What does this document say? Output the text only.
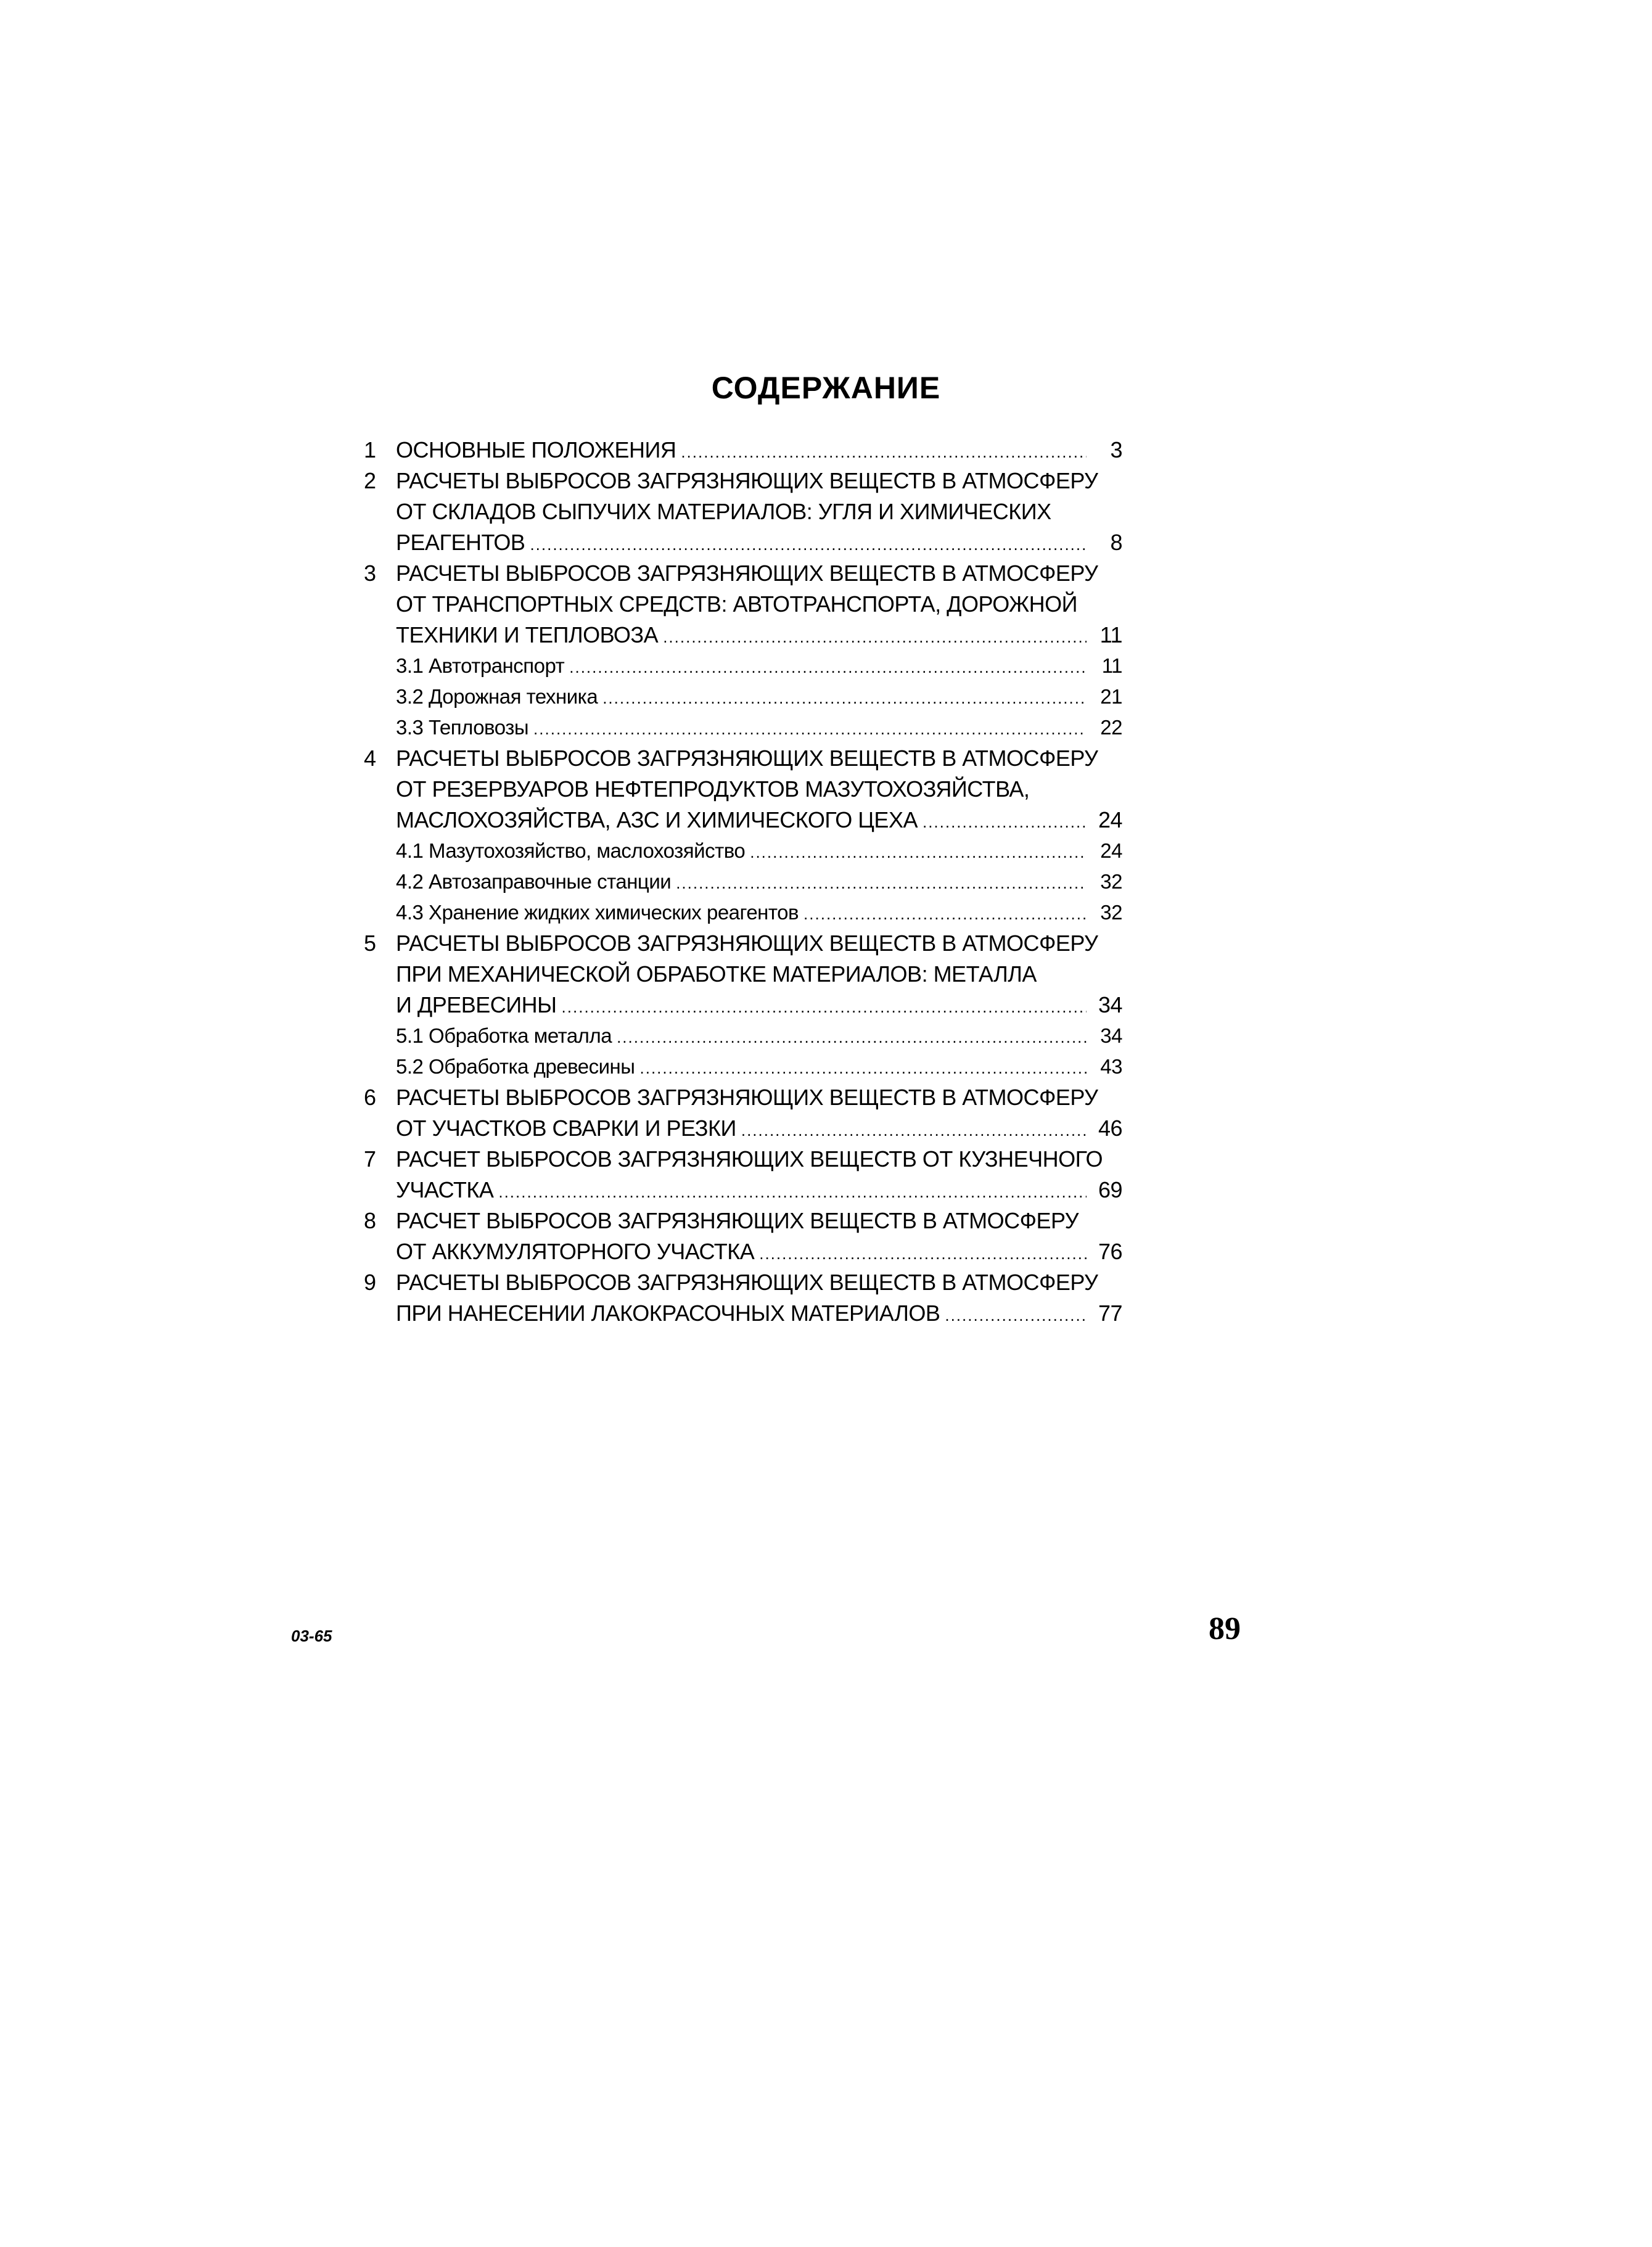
СОДЕРЖАНИЕ
1 ОСНОВНЫЕ ПОЛОЖЕНИЯ .....	3
2 РАСЧЕТЫ ВЫБРОСОВ ЗАГРЯЗНЯЮЩИХ ВЕЩЕСТВ В АТМОСФЕРУ
ОТ СКЛАДОВ СЫПУЧИХ МАТЕРИАЛОВ: УГЛЯ И ХИМИЧЕСКИХ
РЕАГЕНТОВ .....	8
3 РАСЧЕТЫ ВЫБРОСОВ ЗАГРЯЗНЯЮЩИХ ВЕЩЕСТВ В АТМОСФЕРУ
ОТ ТРАНСПОРТНЫХ СРЕДСТВ: АВТОТРАНСПОРТА, ДОРОЖНОЙ
ТЕХНИКИ И ТЕПЛОВОЗА .....	11
3.1 Автотранспорт .....	11
3.2 Дорожная техника .....	21
3.3 Тепловозы .....	22
4 РАСЧЕТЫ ВЫБРОСОВ ЗАГРЯЗНЯЮЩИХ ВЕЩЕСТВ В АТМОСФЕРУ
ОТ РЕЗЕРВУАРОВ НЕФТЕПРОДУКТОВ МАЗУТОХОЗЯЙСТВА,
МАСЛОХОЗЯЙСТВА, АЗС И ХИМИЧЕСКОГО ЦЕХА .....	24
4.1 Мазутохозяйство, маслохозяйство .....	24
4.2 Автозаправочные станции .....	32
4.3 Хранение жидких химических реагентов .....	32
5 РАСЧЕТЫ ВЫБРОСОВ ЗАГРЯЗНЯЮЩИХ ВЕЩЕСТВ В АТМОСФЕРУ
ПРИ МЕХАНИЧЕСКОЙ ОБРАБОТКЕ МАТЕРИАЛОВ: МЕТАЛЛА
И ДРЕВЕСИНЫ .....	34
5.1 Обработка металла .....	34
5.2 Обработка древесины .....	43
6 РАСЧЕТЫ ВЫБРОСОВ ЗАГРЯЗНЯЮЩИХ ВЕЩЕСТВ В АТМОСФЕРУ
ОТ УЧАСТКОВ СВАРКИ И РЕЗКИ .....	46
7 РАСЧЕТ ВЫБРОСОВ ЗАГРЯЗНЯЮЩИХ ВЕЩЕСТВ ОТ КУЗНЕЧНОГО
УЧАСТКА .....	69
8 РАСЧЕТ ВЫБРОСОВ ЗАГРЯЗНЯЮЩИХ ВЕЩЕСТВ В АТМОСФЕРУ
ОТ АККУМУЛЯТОРНОГО УЧАСТКА .....	76
9 РАСЧЕТЫ ВЫБРОСОВ ЗАГРЯЗНЯЮЩИХ ВЕЩЕСТВ В АТМОСФЕРУ
ПРИ НАНЕСЕНИИ ЛАКОКРАСОЧНЫХ МАТЕРИАЛОВ .....	77
03-65	89
